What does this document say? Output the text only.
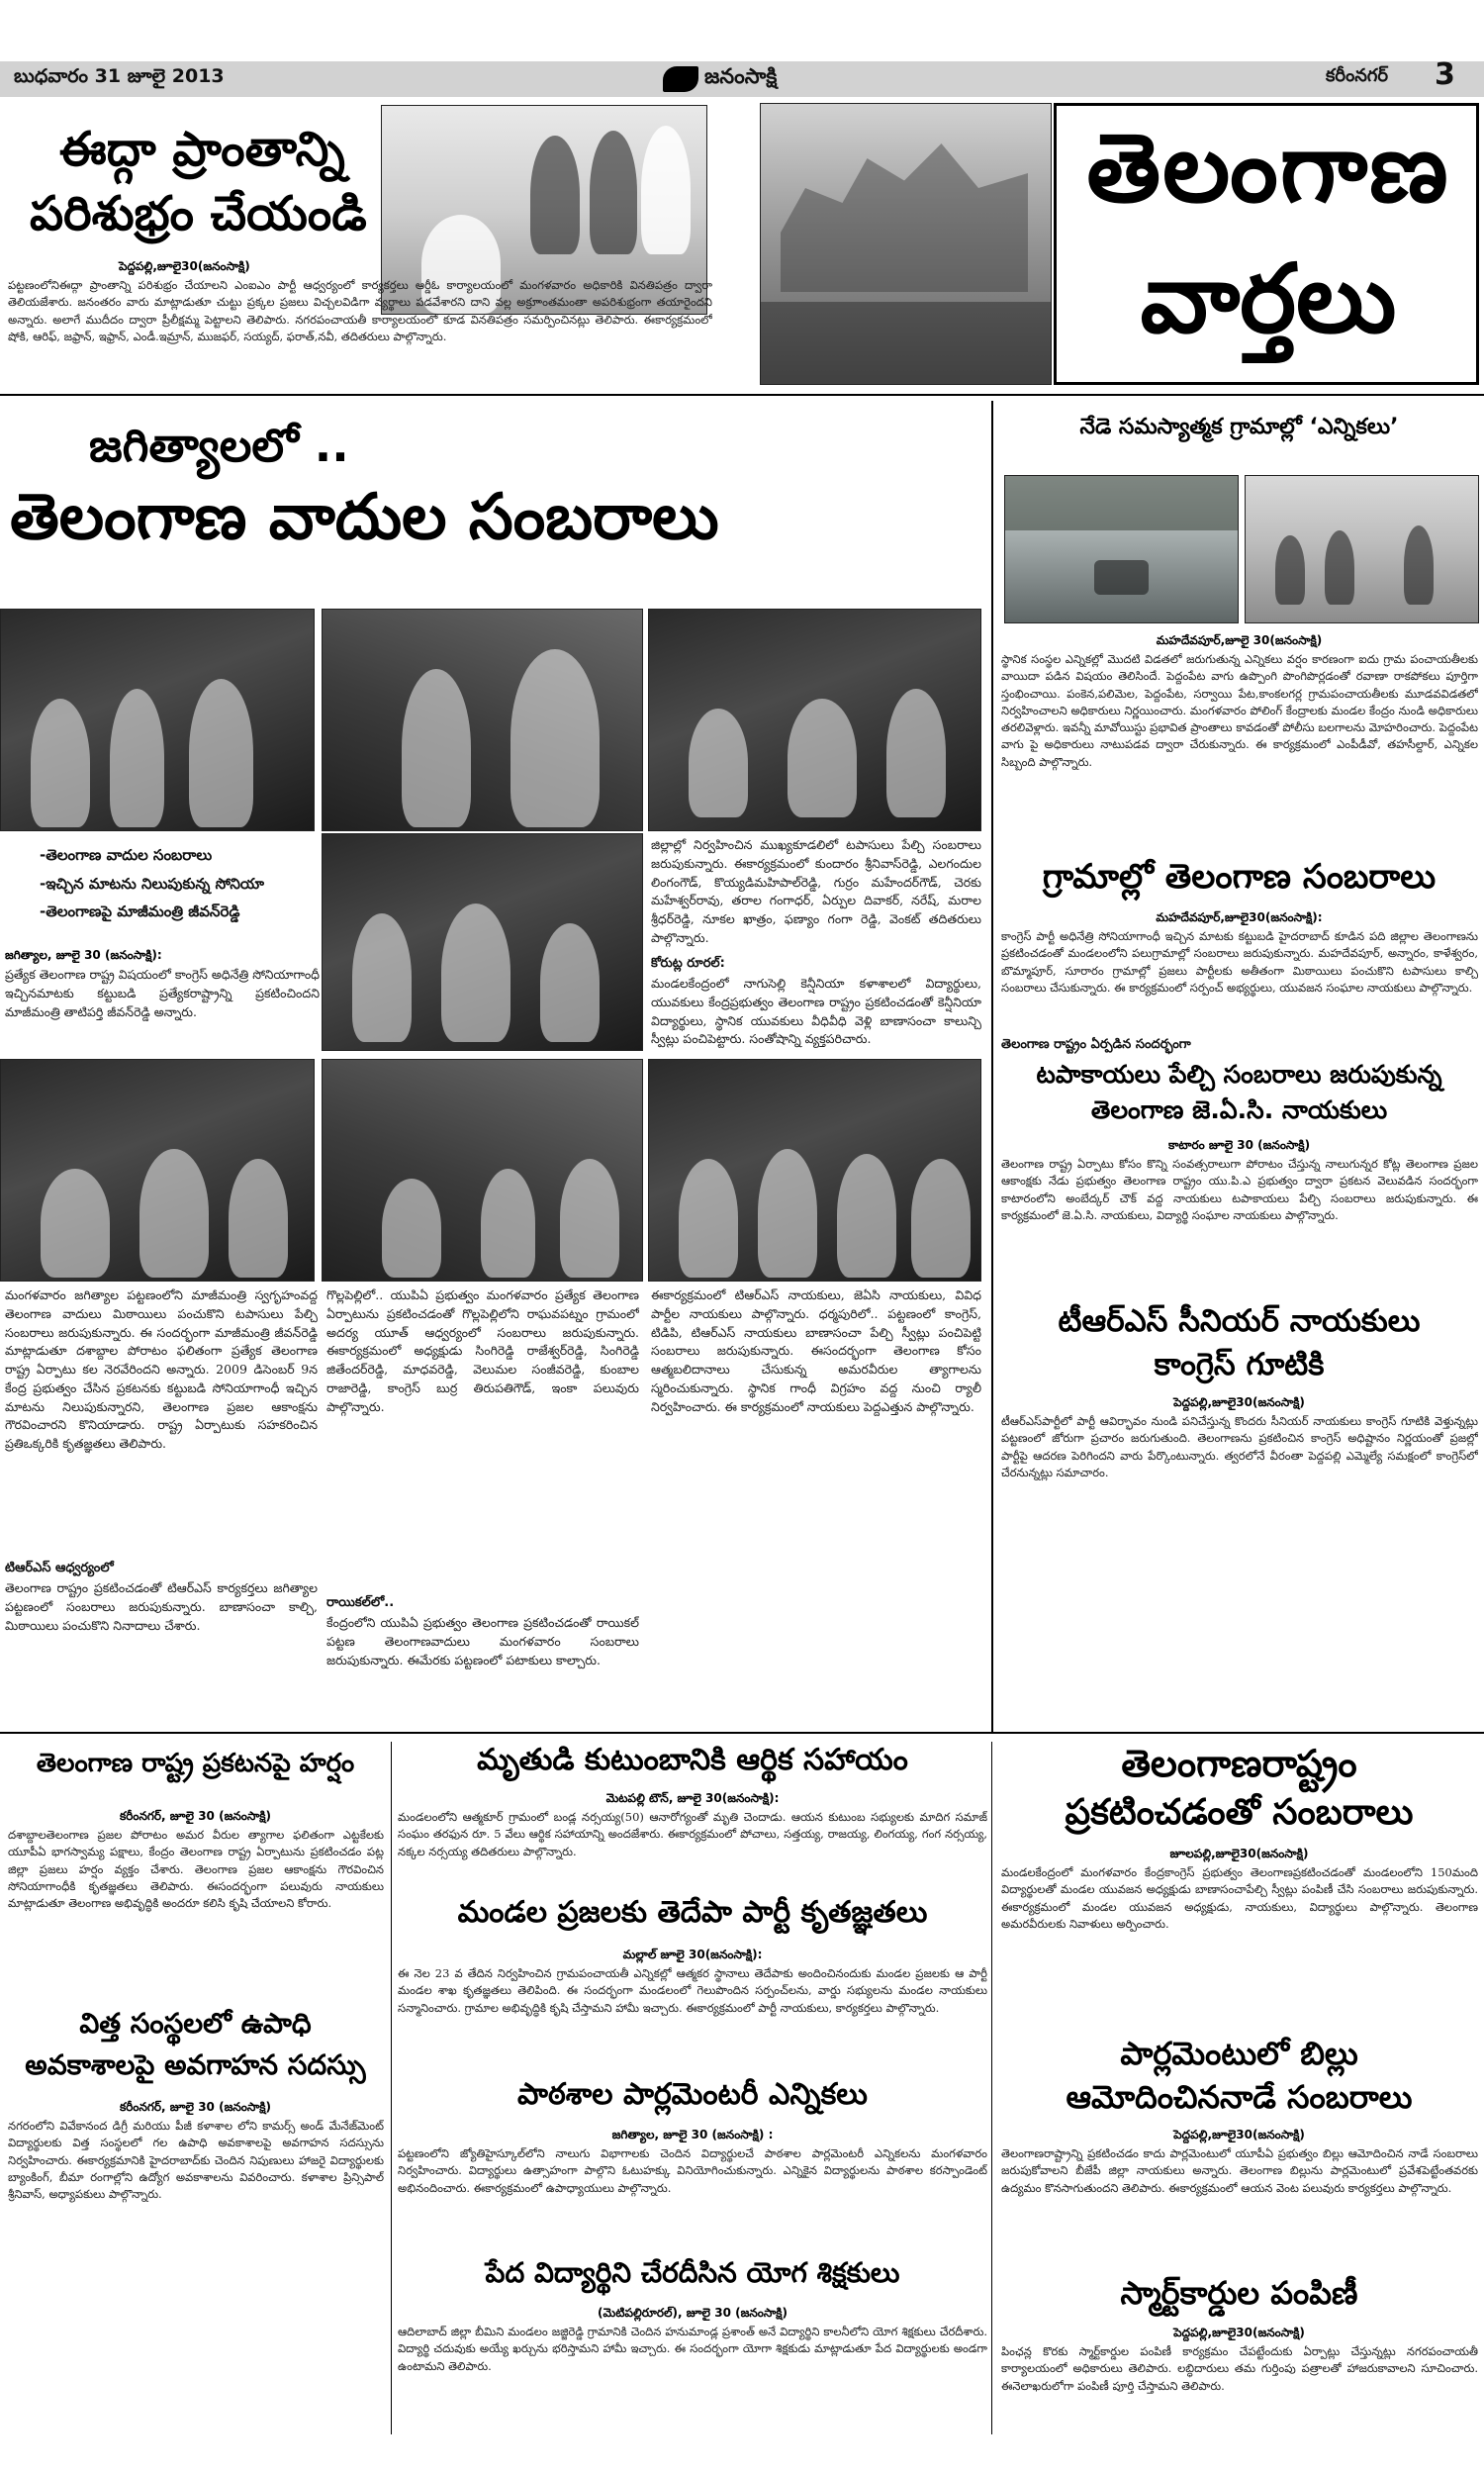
బుధవారం 31 జూలై 2013	జనంసాక్షి	కరీంనగర్ 3
ఈద్గా ప్రాంతాన్ని
పరిశుభ్రం చేయండి
పెద్దపల్లి,జూలై30(జనంసాక్షి)
పట్టణంలోనిఈద్గా ప్రాంతాన్ని పరిశుభ్రం చేయాలని ఎంఐఎం పార్టీ ఆధ్వర్యంలో కార్యకర్తలు ఆర్డీఓ కార్యాలయంలో మంగళవారం అధికారికి వినతిపత్రం ద్వారా తెలియజేశారు. జనంతరం వారు మాట్లాడుతూ చుట్టు ప్రక్కల ప్రజలు విచ్చలవిడిగా వ్యర్థాలు పడవేశారని దాని వల్ల అక్రూాంతమంతా అపరిశుభ్రంగా తయారైందని అన్నారు. అలాగే ముదీదం ద్వారా ప్రీలీక్షమ్మ పెట్టాలని తెలిపారు. నగరపంచాయతీ కార్యాలయంలో కూడ వినతిపత్రం సమర్పించినట్లు తెలిపారు. ఈకార్యక్రమంలో షోకి, ఆరిఫ్, జఫ్రాన్, ఇఫ్రాన్, ఎండీ.ఇమ్రాన్, ముజఫర్, సయ్యద్, ఫరాత్,నవీ, తదితరులు పాల్గొన్నారు.
తెలంగాణ
వార్తలు
జగిత్యాలలో ..
తెలంగాణ వాదుల సంబరాలు
-తెలంగాణ వాదుల సంబరాలు
-ఇచ్చిన మాటను నిలుపుకున్న సోనియా
-తెలంగాణపై మాజీమంత్రి జీవన్‌రెడ్డి
జగిత్యాల, జూలై 30 (జనంసాక్షి):
ప్రత్యేక తెలంగాణ రాష్ట్ర విషయంలో కాంగ్రెస్ అధినేత్రి సోనియాగాంధీ ఇచ్చినమాటకు కట్టుబడి ప్రత్యేకరాష్ట్రాన్ని ప్రకటించిందని మాజీమంత్రి తాటిపర్తి జీవన్‌రెడ్డి అన్నారు.
జిల్లాల్లో నిర్వహించిన ముఖ్యకూడలిలో టపాసులు పేల్చి సంబరాలు జరుపుకున్నారు. ఈకార్యక్రమంలో కుందారం శ్రీనివాస్‌రెడ్డి, ఎలగందుల లింగంగౌడ్, కొయ్యడిమహిపాల్‌రెడ్డి, గుర్రం మహేందర్‌గౌడ్, చెరకు మహేశ్వర్‌రావు, తరాల గంగాధర్, ఏర్పుల దివాకర్, నరేష్, మరాల శ్రీధర్‌రెడ్డి, నూకల ఖాత్రం, ఫణ్యాం గంగా రెడ్డి, వెంకట్ తదితరులు పాల్గొన్నారు.
కోరుట్ల రూరల్:
మండలకేంద్రంలో నాగుసెల్లి కెన్షీనియా కళాశాలలో విద్యార్థులు, యువకులు కేంద్రప్రభుత్వం తెలంగాణ రాష్ట్రం ప్రకటించడంతో కెన్షీనియా విద్యార్థులు, స్థానిక యువకులు వీధివీధి వెళ్లి బాణాసంచా కాలున్చి స్వీట్లు పంచిపెట్టారు. సంతోషాన్ని వ్యక్తపరిచారు.
మంగళవారం జగిత్యాల పట్టణంలోని మాజీమంత్రి స్వగృహంవద్ద తెలంగాణ వాదులు మిఠాయిలు పంచుకొని టపాసులు పేల్చి సంబరాలు జరుపుకున్నారు. ఈ సందర్భంగా మాజీమంత్రి జీవన్‌రెడ్డి మాట్లాడుతూ దశాబ్దాల పోరాటం ఫలితంగా ప్రత్యేక తెలంగాణ రాష్ట్ర ఏర్పాటు కల నెరవేరిందని అన్నారు. 2009 డిసెంబర్ 9న కేంద్ర ప్రభుత్వం చేసిన ప్రకటనకు కట్టుబడి సోనియాగాంధీ ఇచ్చిన మాటను నిలుపుకున్నారని, తెలంగాణ ప్రజల ఆకాంక్షను గౌరవించారని కొనియాడారు. రాష్ట్ర ఏర్పాటుకు సహకరించిన ప్రతిఒక్కరికి కృతజ్ఞతలు తెలిపారు.
టిఆర్‌ఎస్ ఆధ్వర్యంలో
తెలంగాణ రాష్ట్రం ప్రకటించడంతో టిఆర్‌ఎస్ కార్యకర్తలు జగిత్యాల పట్టణంలో సంబరాలు జరుపుకున్నారు. బాణాసంచా కాల్చి, మిఠాయిలు పంచుకొని నినాదాలు చేశారు.
గొల్లపెల్లిలో.. యుపిఏ ప్రభుత్వం మంగళవారం ప్రత్యేక తెలంగాణ ఏర్పాటును ప్రకటించడంతో గొల్లపెల్లిలోని రాఘవపట్నం గ్రామంలో అదర్య యూత్ ఆధ్వర్యంలో సంబరాలు జరుపుకున్నారు. ఈకార్యక్రమంలో అధ్యక్షుడు సింగిరెడ్డి రాజేశ్వర్‌రెడ్డి, సింగిరెడ్డి జితేందర్‌రెడ్డి, మాధవరెడ్డి, వెలుమల సంజీవరెడ్డి, కుంబాల రాజారెడ్డి, కాంగ్రెస్ బుర్ర తిరుపతిగౌడ్, ఇంకా పలువురు పాల్గొన్నారు.
రాయికల్‌లో..
కేంద్రంలోని యుపిఏ ప్రభుత్వం తెలంగాణ ప్రకటించడంతో రాయికల్ పట్టణ తెలంగాణవాదులు మంగళవారం సంబరాలు జరుపుకున్నారు. ఈమేరకు పట్టణంలో పటాకులు కాల్చారు.
ఈకార్యక్రమంలో టిఆర్‌ఎస్ నాయకులు, జెఏసి నాయకులు, వివిధ పార్టీల నాయకులు పాల్గొన్నారు. ధర్మపురిలో.. పట్టణంలో కాంగ్రెస్, టిడిపి, టిఆర్‌ఎస్ నాయకులు బాణాసంచా పేల్చి స్వీట్లు పంచిపెట్టి సంబరాలు జరుపుకున్నారు. ఈసందర్భంగా తెలంగాణ కోసం ఆత్మబలిదానాలు చేసుకున్న అమరవీరుల త్యాగాలను స్మరించుకున్నారు. స్థానిక గాంధీ విగ్రహం వద్ద నుంచి ర్యాలీ నిర్వహించారు. ఈ కార్యక్రమంలో నాయకులు పెద్దఎత్తున పాల్గొన్నారు.
నేడె సమస్యాత్మక గ్రామాల్లో ‘ఎన్నికలు’
మహదేవపూర్,జూలై 30(జనంసాక్షి)
స్థానిక సంస్థల ఎన్నికల్లో మొదటి విడతలో జరుగుతున్న ఎన్నికలు వర్షం కారణంగా ఐదు గ్రామ పంచాయతీలకు వాయిదా పడిన విషయం తెలిసిందే. పెద్దంపేట వాగు ఉప్పొంగి పొంగిపొర్లడంతో రవాణా రాకపోకలు పూర్తిగా స్తంభించాయి. పంకెన,పలిమెల, పెద్దంపేట, సర్వాయి పేట,కాంకలగర్ల గ్రామపంచాయతీలకు మూడవవిడతలో నిర్వహించాలని అధికారులు నిర్ణయించారు. మంగళవారం పోలింగ్ కేంద్రాలకు మండల కేంద్రం నుండి అధికారులు తరలివెళ్లారు. ఇవన్నీ మావోయిస్టు ప్రభావిత ప్రాంతాలు కావడంతో పోలీసు బలగాలను మోహరించారు. పెద్దంపేట వాగు పై అధికారులు నాటుపడవ ద్వారా చేరుకున్నారు. ఈ కార్యక్రమంలో ఎంపీడీవో, తహసీల్దార్, ఎన్నికల సిబ్బంది పాల్గొన్నారు.
గ్రామాల్లో తెలంగాణ సంబరాలు
మహదేవపూర్,జూలై30(జనంసాక్షి):
కాంగ్రెస్ పార్టీ అధినేత్రి సోనియాగాంధీ ఇచ్చిన మాటకు కట్టుబడి హైదరాబాద్ కూడిన పది జిల్లాల తెలంగాణను ప్రకటించడంతో మండలంలోని పలుగ్రామాల్లో సంబరాలు జరుపుకున్నారు. మహదేవపూర్, అన్నారం, కాళేశ్వరం, బొమ్మాపూర్, సూరారం గ్రామాల్లో ప్రజలు పార్టీలకు అతీతంగా మిఠాయిలు పంచుకొని టపాసులు కాల్చి సంబరాలు చేసుకున్నారు. ఈ కార్యక్రమంలో సర్పంచ్ అభ్యర్థులు, యువజన సంఘాల నాయకులు పాల్గొన్నారు.
తెలంగాణ రాష్ట్రం ఏర్పడిన సందర్భంగా
టపాకాయలు పేల్చి సంబరాలు జరుపుకున్న
తెలంగాణ జె.ఏ.సి. నాయకులు
కాటారం జూలై 30 (జనంసాక్షి)
తెలంగాణ రాష్ట్ర ఏర్పాటు కోసం కొన్ని సంవత్సరాలుగా పోరాటం చేస్తున్న నాలుగున్నర కోట్ల తెలంగాణ ప్రజల ఆకాంక్షకు నేడు ప్రభుత్వం తెలంగాణ రాష్ట్రం యు.పి.ఎ ప్రభుత్వం ద్వారా ప్రకటన వెలువడిన సందర్భంగా కాటారంలోని అంబేద్కర్ చౌక్ వద్ద నాయకులు టపాకాయలు పేల్చి సంబరాలు జరుపుకున్నారు. ఈ కార్యక్రమంలో జె.ఏ.సి. నాయకులు, విద్యార్థి సంఘాల నాయకులు పాల్గొన్నారు.
టీఆర్‌ఎస్ సీనియర్ నాయకులు
కాంగ్రెస్ గూటికి
పెద్దపల్లి,జూలై30(జనంసాక్షి)
టీఆర్‌ఎస్‌పార్టీలో పార్టీ ఆవిర్భావం నుండి పనిచేస్తున్న కొందరు సీనియర్ నాయకులు కాంగ్రెస్ గూటికి వెళ్తున్నట్లు పట్టణంలో జోరుగా ప్రచారం జరుగుతుంది. తెలంగాణను ప్రకటించిన కాంగ్రెస్ అధిష్టానం నిర్ణయంతో ప్రజల్లో పార్టీపై ఆదరణ పెరిగిందని వారు పేర్కొంటున్నారు. త్వరలోనే వీరంతా పెద్దపల్లి ఎమ్మెల్యే సమక్షంలో కాంగ్రెస్‌లో చేరనున్నట్లు సమాచారం.
తెలంగాణ రాష్ట్ర ప్రకటనపై హర్షం
కరీంనగర్, జూలై 30 (జనంసాక్షి)
దశాబ్దాలతెలంగాణ ప్రజల పోరాటం అమర వీరుల త్యాగాల ఫలితంగా ఎట్టకేలకు యూపీఏ భాగస్వామ్య పక్షాలు, కేంద్రం తెలంగాణ రాష్ట్ర ఏర్పాటును ప్రకటించడం పట్ల జిల్లా ప్రజలు హర్షం వ్యక్తం చేశారు. తెలంగాణ ప్రజల ఆకాంక్షను గౌరవించిన సోనియాగాంధీకి కృతజ్ఞతలు తెలిపారు. ఈసందర్భంగా పలువురు నాయకులు మాట్లాడుతూ తెలంగాణ అభివృద్ధికి అందరూ కలిసి కృషి చేయాలని కోరారు.
విత్త సంస్థలలో ఉపాధి
అవకాశాలపై అవగాహన సదస్సు
కరీంనగర్, జూలై 30 (జనంసాక్షి)
నగరంలోని వివేకానంద డిగ్రీ మరియు పీజీ కళాశాల లోని కామర్స్ అండ్ మేనేజ్‌మెంట్ విద్యార్థులకు విత్త సంస్థలలో గల ఉపాధి అవకాశాలపై అవగాహన సదస్సును నిర్వహించారు. ఈకార్యక్రమానికి హైదరాబాద్‌కు చెందిన నిపుణులు హాజరై విద్యార్థులకు బ్యాంకింగ్, బీమా రంగాల్లోని ఉద్యోగ అవకాశాలను వివరించారు. కళాశాల ప్రిన్సిపాల్ శ్రీనివాస్, అధ్యాపకులు పాల్గొన్నారు.
మృతుడి కుటుంబానికి ఆర్థిక సహాయం
మెటపల్లి టౌన్, జూలై 30(జనంసాక్షి):
మండలంలోని ఆత్మకూర్ గ్రామంలో బండ్ల నర్సయ్య(50) ఆనారోగ్యంతో మృతి చెందాడు. ఆయన కుటుంబ సభ్యులకు మాదిగ సమాజ్ సంఘం తరఫున రూ. 5 వేలు ఆర్థిక సహాయాన్ని అందజేశారు. ఈకార్యక్రమంలో పోచాలు, సత్తయ్య, రాజయ్య, లింగయ్య, గంగ నర్సయ్య, నక్కల నర్సయ్య తదితరులు పాల్గొన్నారు.
మండల ప్రజలకు తెదేపా పార్టీ కృతజ్ఞతలు
మల్లాల్ జూలై 30(జనంసాక్షి):
ఈ నెల 23 వ తేదిన నిర్వహించిన గ్రామపంచాయతీ ఎన్నికల్లో ఆత్మకర స్థానాలు తెదేపాకు అందించినందుకు మండల ప్రజలకు ఆ పార్టీ మండల శాఖ కృతజ్ఞతలు తెలిపింది. ఈ సందర్భంగా మండలంలో గెలుపొందిన సర్పంచ్‌లను, వార్డు సభ్యులను మండల నాయకులు సన్మానించారు. గ్రామాల అభివృద్ధికి కృషి చేస్తామని హామీ ఇచ్చారు. ఈకార్యక్రమంలో పార్టీ నాయకులు, కార్యకర్తలు పాల్గొన్నారు.
పాఠశాల పార్లమెంటరీ ఎన్నికలు
జగిత్యాల, జూలై 30 (జనంసాక్షి) :
పట్టణంలోని జ్యోతిహైస్కూల్‌లోని నాలుగు విభాగాలకు చెందిన విద్యార్థులచే పాఠశాల పార్లమెంటరీ ఎన్నికలను మంగళవారం నిర్వహించారు. విద్యార్థులు ఉత్సాహంగా పాల్గొని ఓటుహక్కు వినియోగించుకున్నారు. ఎన్నికైన విద్యార్థులను పాఠశాల కరస్పాండెంట్ అభినందించారు. ఈకార్యక్రమంలో ఉపాధ్యాయులు పాల్గొన్నారు.
పేద విద్యార్థిని చేరదీసిన యోగ శిక్షకులు
(మెటిపల్లిరూరల్), జూలై 30 (జనంసాక్షి)
ఆదిలాబాద్ జిల్లా బీమిని మండలం జజ్జిరెడ్డి గ్రామానికి చెందిన హనుమాండ్ల ప్రశాంత్ అనే విద్యార్థిని కాలనీలోని యోగ శిక్షకులు చేరదీశారు. విద్యార్థి చదువుకు అయ్యే ఖర్చును భరిస్తామని హామీ ఇచ్చారు. ఈ సందర్భంగా యోగా శిక్షకుడు మాట్లాడుతూ పేద విద్యార్థులకు అండగా ఉంటామని తెలిపారు.
తెలంగాణరాష్ట్రం
ప్రకటించడంతో సంబరాలు
జూలపల్లి,జూలై30(జనంసాక్షి)
మండలకేంద్రంలో మంగళవారం కేంద్రకాంగ్రెస్ ప్రభుత్వం తెలంగాణప్రకటించడంతో మండలంలోని 150మంది విద్యార్థులతో మండల యువజన అధ్యక్షుడు బాణాసంచాపేల్చి స్వీట్లు పంపిణీ చేసి సంబరాలు జరుపుకున్నారు. ఈకార్యక్రమంలో మండల యువజన అధ్యక్షుడు, నాయకులు, విద్యార్థులు పాల్గొన్నారు. తెలంగాణ అమరవీరులకు నివాళులు అర్పించారు.
పార్లమెంటులో బిల్లు
ఆమోదించిననాడే సంబరాలు
పెద్దపల్లి,జూలై30(జనంసాక్షి)
తెలంగాణరాష్ట్రాన్ని ప్రకటించడం కాదు పార్లమెంటులో యూపీఏ ప్రభుత్వం బిల్లు ఆమోదించిన నాడే సంబరాలు జరుపుకోవాలని బీజేపీ జిల్లా నాయకులు అన్నారు. తెలంగాణ బిల్లును పార్లమెంటులో ప్రవేశపెట్టేంతవరకు ఉద్యమం కొనసాగుతుందని తెలిపారు. ఈకార్యక్రమంలో ఆయన వెంట పలువురు కార్యకర్తలు పాల్గొన్నారు.
స్మార్ట్‌కార్డుల పంపిణీ
పెద్దపల్లి,జూలై30(జనంసాక్షి)
పింఛన్ల కొరకు స్మార్ట్‌కార్డుల పంపిణీ కార్యక్రమం చేపట్టేందుకు ఏర్పాట్లు చేస్తున్నట్లు నగరపంచాయతీ కార్యాలయంలో అధికారులు తెలిపారు. లబ్ధిదారులు తమ గుర్తింపు పత్రాలతో హాజరుకావాలని సూచించారు. ఈనెలాఖరులోగా పంపిణీ పూర్తి చేస్తామని తెలిపారు.
